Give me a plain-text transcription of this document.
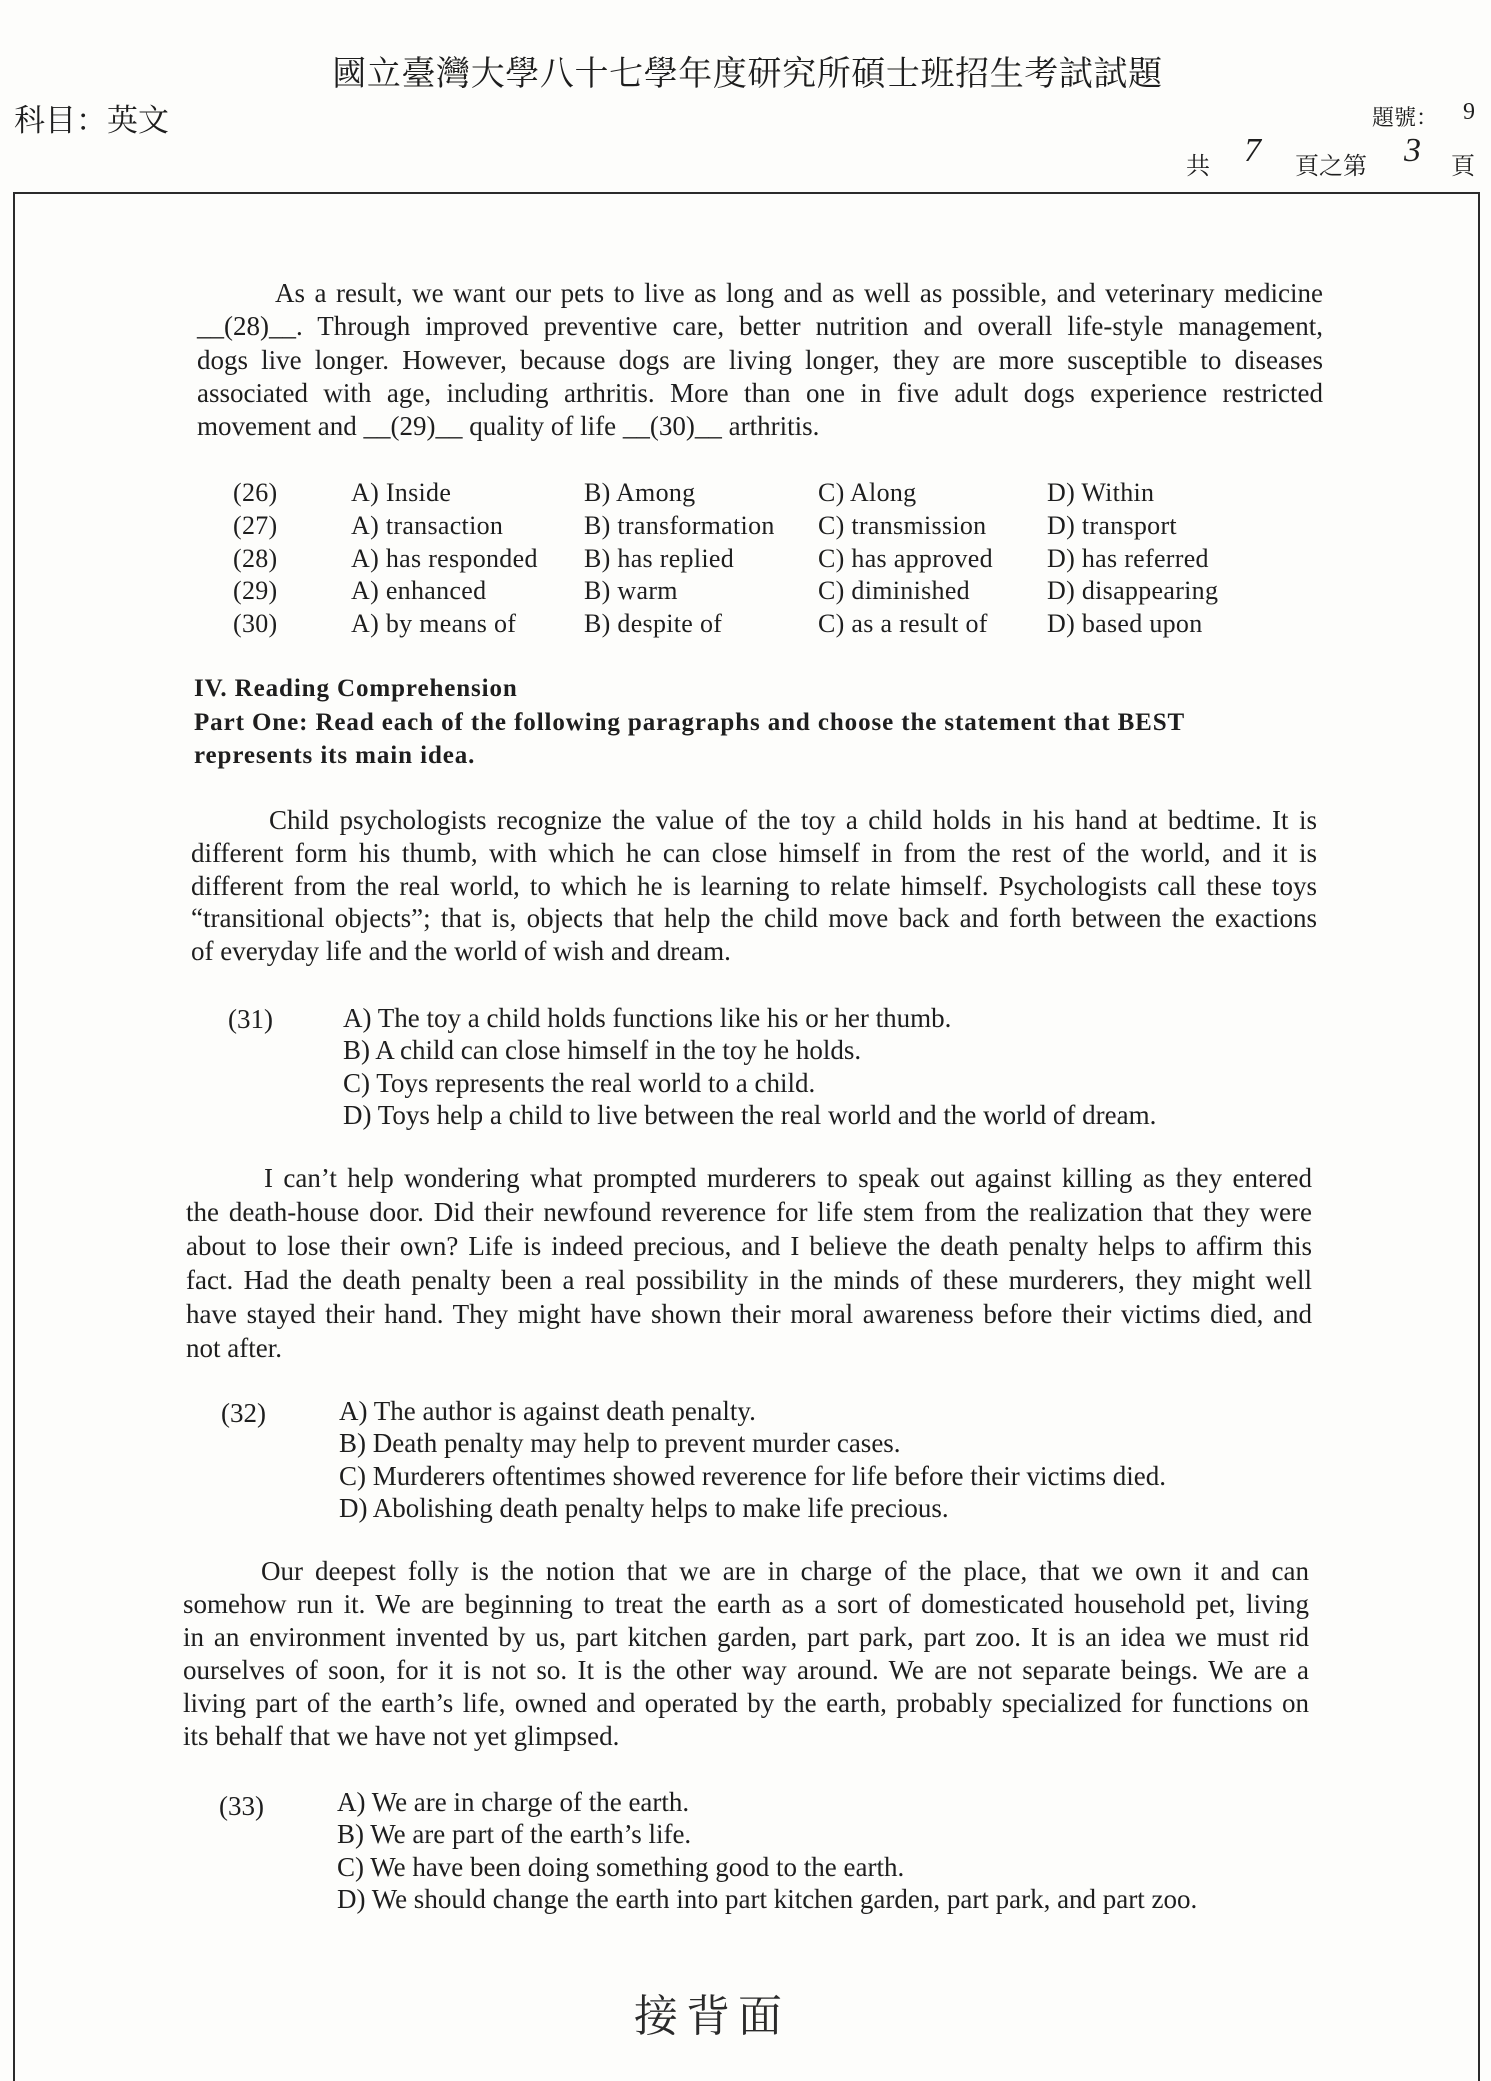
國立臺灣大學八十七學年度研究所碩士班招生考試試題
科目：英文	題號： 9
共 7 頁之第 3 頁
As a result, we want our pets to live as long and as well as possible, and veterinary medicine
__(28)__. Through improved preventive care, better nutrition and overall life-style management,
dogs live longer. However, because dogs are living longer, they are more susceptible to diseases
associated with age, including arthritis. More than one in five adult dogs experience restricted
movement and __(29)__ quality of life __(30)__ arthritis.
(26)	A) Inside	B) Among	C) Along	D) Within
(27)	A) transaction	B) transformation C) transmission D) transport
(28)	A) has responded B) has replied	C) has approved D) has referred
(29)	A) enhanced	B) warm	C) diminished	D) disappearing
(30)	A) by means of	B) despite of	C) as a result of D) based upon
IV. Reading Comprehension
Part One: Read each of the following paragraphs and choose the statement that BEST
represents its main idea.
Child psychologists recognize the value of the toy a child holds in his hand at bedtime. It is
different form his thumb, with which he can close himself in from the rest of the world, and it is
different from the real world, to which he is learning to relate himself. Psychologists call these toys
“transitional objects”; that is, objects that help the child move back and forth between the exactions
of everyday life and the world of wish and dream.
(31)	A) The toy a child holds functions like his or her thumb.
B) A child can close himself in the toy he holds.
C) Toys represents the real world to a child.
D) Toys help a child to live between the real world and the world of dream.
I can’t help wondering what prompted murderers to speak out against killing as they entered
the death-house door. Did their newfound reverence for life stem from the realization that they were
about to lose their own? Life is indeed precious, and I believe the death penalty helps to affirm this
fact. Had the death penalty been a real possibility in the minds of these murderers, they might well
have stayed their hand. They might have shown their moral awareness before their victims died, and
not after.
(32)	A) The author is against death penalty.
B) Death penalty may help to prevent murder cases.
C) Murderers oftentimes showed reverence for life before their victims died.
D) Abolishing death penalty helps to make life precious.
Our deepest folly is the notion that we are in charge of the place, that we own it and can
somehow run it. We are beginning to treat the earth as a sort of domesticated household pet, living
in an environment invented by us, part kitchen garden, part park, part zoo. It is an idea we must rid
ourselves of soon, for it is not so. It is the other way around. We are not separate beings. We are a
living part of the earth’s life, owned and operated by the earth, probably specialized for functions on
its behalf that we have not yet glimpsed.
(33)	A) We are in charge of the earth.
B) We are part of the earth’s life.
C) We have been doing something good to the earth.
D) We should change the earth into part kitchen garden, part park, and part zoo.
接背面
